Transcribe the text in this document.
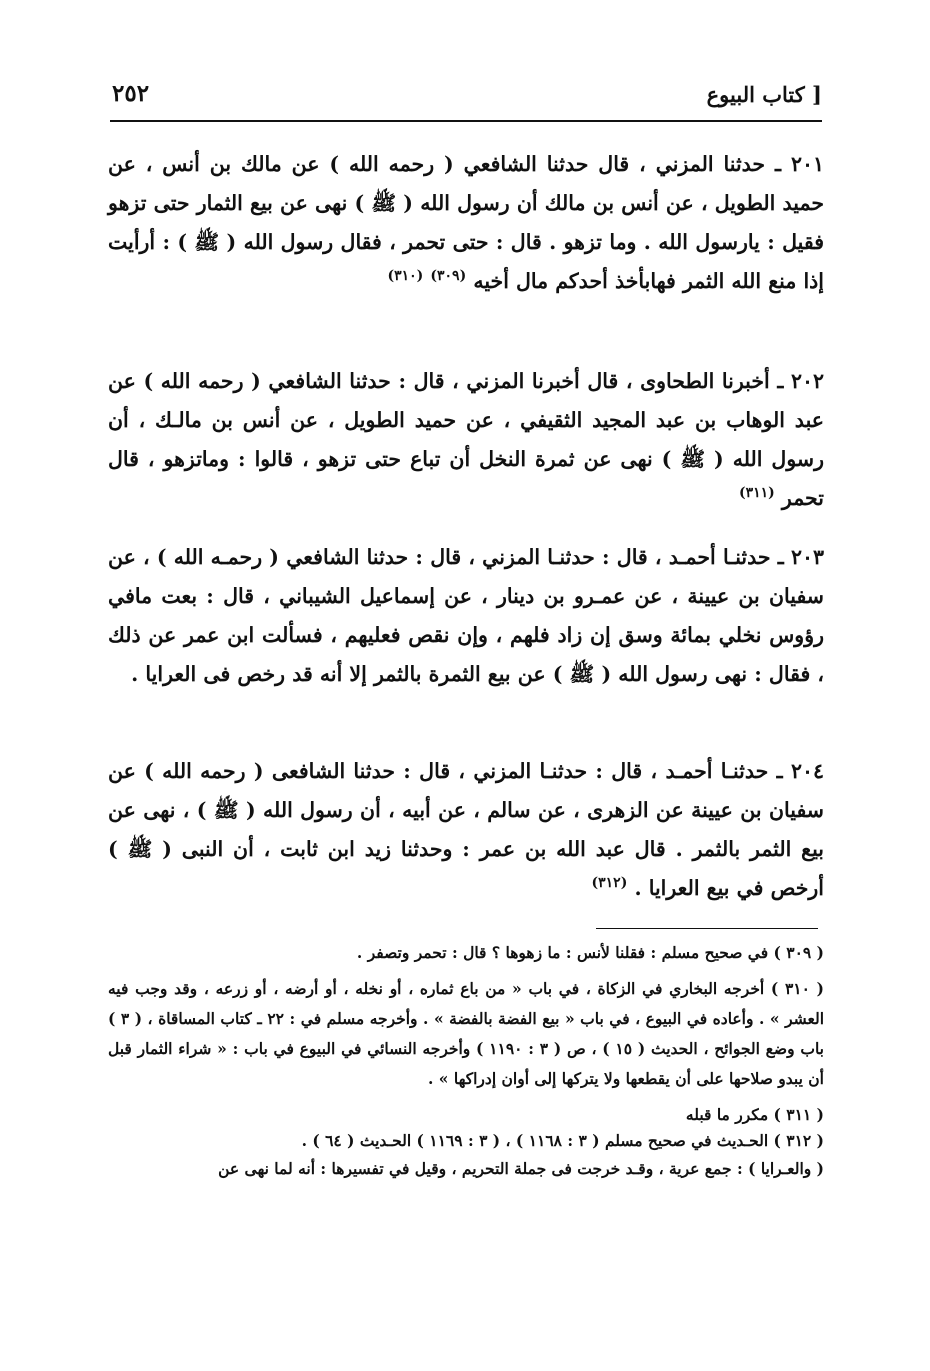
[ كتاب البيوع
٢٥٢
٢٠١ ـ حدثنا المزني ، قال حدثنا الشافعي ( رحمه الله ) عن مالك بن أنس ، عن حميد الطويل ، عن أنس بن مالك أن رسول الله ( ﷺ ) نهى عن بيع الثمار حتى تزهو فقيل : يارسول الله . وما تزهو . قال : حتى تحمر ، فقال رسول الله ( ﷺ ) : أرأيت إذا منع الله الثمر فهابأخذ أحدكم مال أخيه $^{(٣٠٩)}$ $^{(٣١٠)}$
٢٠٢ ـ أخبرنا الطحاوى ، قال أخبرنا المزني ، قال : حدثنا الشافعي ( رحمه الله ) عن عبد الوهاب بن عبد المجيد الثقيفي ، عن حميد الطويل ، عن أنس بن مالـك ، أن رسول الله ( ﷺ ) نهى عن ثمرة النخل أن تباع حتى تزهو ، قالوا : وماتزهو ، قال تحمر $^{(٣١١)}$
٢٠٣ ـ حدثنـا أحمـد ، قال : حدثنـا المزني ، قال : حدثنا الشافعي ( رحمـه الله ) ، عن سفيان بن عيينة ، عن عمـرو بن دينار ، عن إسماعيل الشيباني ، قال : بعت مافي رؤوس نخلي بمائة وسق إن زاد فلهم ، وإن نقص فعليهم ، فسألت ابن عمر عن ذلك ، فقال : نهى رسول الله ( ﷺ ) عن بيع الثمرة بالثمر إلا أنه قد رخص فى العرايا .
٢٠٤ ـ حدثنـا أحمـد ، قال : حدثنـا المزني ، قال : حدثنا الشافعى ( رحمه الله ) عن سفيان بن عيينة عن الزهرى ، عن سالم ، عن أبيه ، أن رسول الله ( ﷺ ) ، نهى عن بيع الثمر بالثمر . قال عبد الله بن عمر : وحدثنا زيد ابن ثابت ، أن النبى ( ﷺ ) أرخص في بيع العرايا . $^{(٣١٢)}$

( ٣٠٩ ) في صحيح مسلم : فقلنا لأنس : ما زهوها ؟ قال : تحمر وتصفر .

( ٣١٠ ) أخرجه البخاري في الزكاة ، في باب « من باع ثماره ، أو نخله ، أو أرضه ، أو زرعه ، وقد وجب فيه العشر » . وأعاده في البيوع ، في باب « بيع الفضة بالفضة » . وأخرجه مسلم في : ٢٢ ـ كتاب المساقاة ، ( ٣ ) باب وضع الجوائح ، الحديث ( ١٥ ) ، ص ( ٣ : ١١٩٠ ) وأخرجه النسائي في البيوع في باب : « شراء الثمار قبل أن يبدو صلاحها على أن يقطعها ولا يتركها إلى أوان إدراكها » .

( ٣١١ ) مكرر ما قبله

( ٣١٢ ) الحـديث في صحيح مسلم ( ٣ : ١١٦٨ ) ، ( ٣ : ١١٦٩ ) الحـديث ( ٦٤ ) .

( والعـرايا ) : جمع عرية ، وقـد خرجت فى جملة التحريم ، وقيل في تفسيرها : أنه لما نهى عن
